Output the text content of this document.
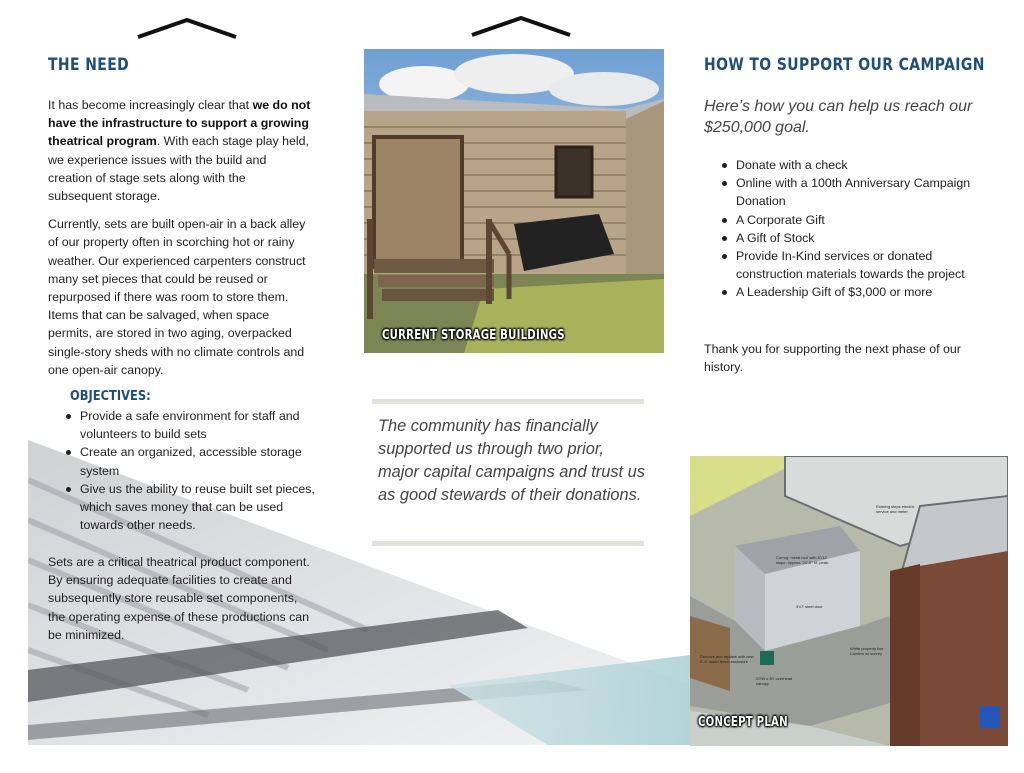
THE NEED

It has become increasingly clear that we do not have the infrastructure to support a growing theatrical program. With each stage play held, we experience issues with the build and creation of stage sets along with the subsequent storage.

Currently, sets are built open-air in a back alley of our property often in scorching hot or rainy weather. Our experienced carpenters construct many set pieces that could be reused or repurposed if there was room to store them. Items that can be salvaged, when space permits, are stored in two aging, overpacked single-story sheds with no climate controls and one open-air canopy.

OBJECTIVES:
Provide a safe environment for staff and volunteers to build sets
Create an organized, accessible storage system
Give us the ability to reuse built set pieces, which saves money that can be used towards other needs.

Sets are a critical theatrical product component. By ensuring adequate facilities to create and subsequently store reusable set components, the operating expense of these productions can be minimized.

CURRENT STORAGE BUILDINGS
The community has financially supported us through two prior, major capital campaigns and trust us as good stewards of their donations.
HOW TO SUPPORT OUR CAMPAIGN
Here’s how you can help us reach our $250,000 goal.
Donate with a check
Online with a 100th Anniversary Campaign Donation
A Corporate Gift
A Gift of Stock
Provide In-Kind services or donated construction materials towards the project
A Leadership Gift of $3,000 or more
Thank you for supporting the next phase of our history.
CONCEPT PLAN
Existing steps electric service and meter
Corrug. metal roof with 6"/12 slope. Approx. 24'-6" ht. peak.
3'x7' steel door
Remove and replace with new 8'-0" wood fence enclosure
20'W x 30' overhead canopy
White property line Confirm w/ survey
